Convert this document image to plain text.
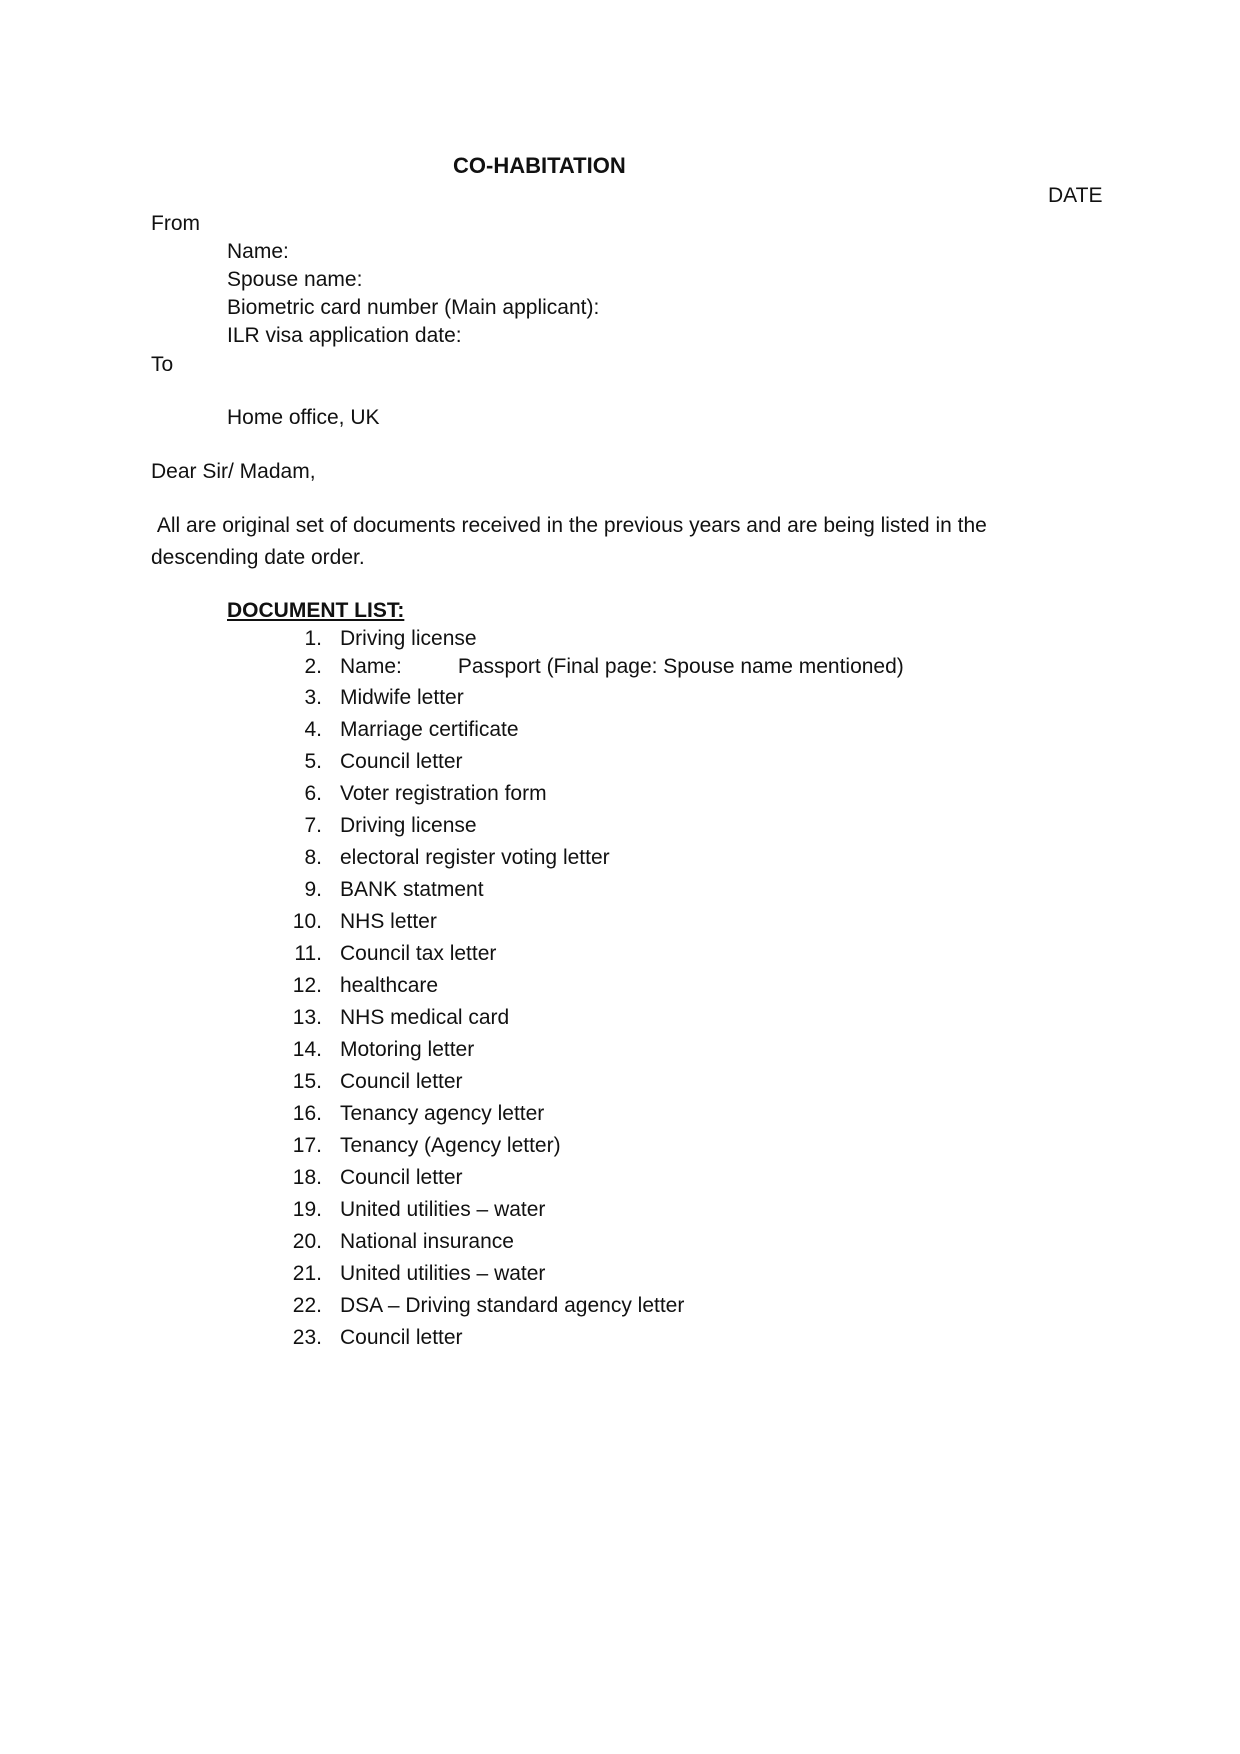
CO-HABITATION
DATE
From
Name:
Spouse name:
Biometric card number (Main applicant):
ILR visa application date:
To
Home office, UK
Dear Sir/ Madam,
All are original set of documents received in the previous years and are being listed in the descending date order.
DOCUMENT LIST:
1. Driving license
2. Name:	Passport (Final page: Spouse name mentioned)
3. Midwife letter
4. Marriage certificate
5. Council letter
6. Voter registration form
7. Driving license
8. electoral register voting letter
9. BANK statment
10. NHS letter
11. Council tax letter
12. healthcare
13. NHS medical card
14. Motoring letter
15. Council letter
16. Tenancy agency letter
17. Tenancy (Agency letter)
18. Council letter
19. United utilities – water
20. National insurance
21. United utilities – water
22. DSA – Driving standard agency letter
23. Council letter
